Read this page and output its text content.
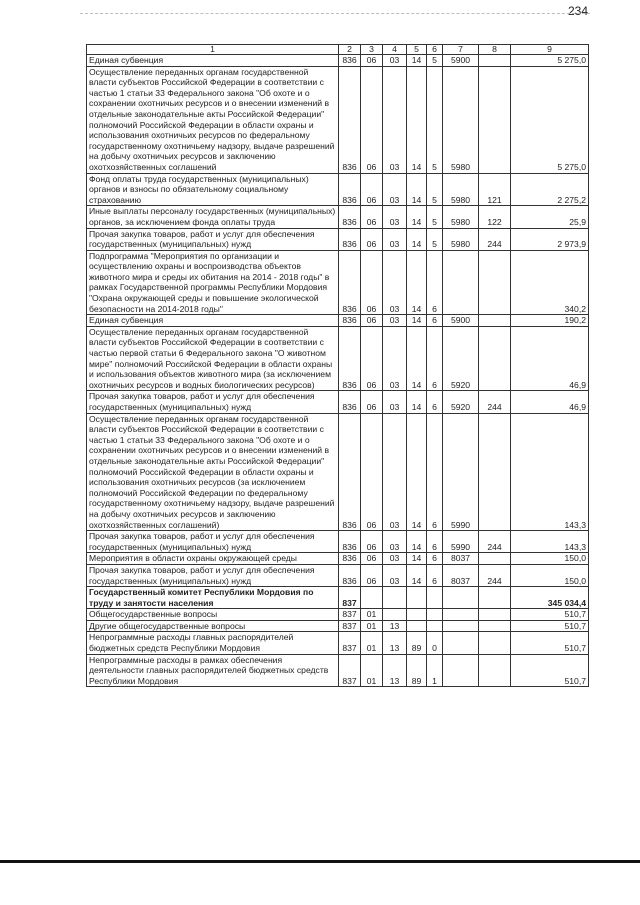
234
1	2	3	4	5	6	7	8	9
Единая субвенция	836	06	03	14	5	5900		5 275,0
Осуществление переданных органам государственной власти субъектов Российской Федерации в соответствии с частью 1 статьи 33 Федерального закона "Об охоте и о сохранении охотничьих ресурсов и о внесении изменений в отдельные законодательные акты Российской Федерации" полномочий Российской Федерации в области охраны и использования охотничьих ресурсов по федеральному государственному охотничьему надзору, выдаче разрешений на добычу охотничьих ресурсов и заключению охотхозяйственных соглашений	836	06	03	14	5	5980		5 275,0
Фонд оплаты труда государственных (муниципальных) органов и взносы по обязательному социальному страхованию	836	06	03	14	5	5980	121	2 275,2
Иные выплаты персоналу государственных (муниципальных) органов, за исключением фонда оплаты труда	836	06	03	14	5	5980	122	25,9
Прочая закупка товаров, работ и услуг для обеспечения государственных (муниципальных) нужд	836	06	03	14	5	5980	244	2 973,9
Подпрограмма "Мероприятия по организации и осуществлению охраны и воспроизводства объектов животного мира и среды их обитания на 2014 - 2018 годы" в рамках Государственной программы Республики Мордовия "Охрана окружающей среды и повышение экологической безопасности на 2014-2018 годы"	836	06	03	14	6			340,2
Единая субвенция	836	06	03	14	6	5900		190,2
Осуществление переданных органам государственной власти субъектов Российской Федерации в соответствии с частью первой статьи 6 Федерального закона "О животном мире" полномочий Российской Федерации в области охраны и использования объектов животного мира (за исключением охотничьих ресурсов и водных биологических ресурсов)	836	06	03	14	6	5920		46,9
Прочая закупка товаров, работ и услуг для обеспечения государственных (муниципальных) нужд	836	06	03	14	6	5920	244	46,9
Осуществление переданных органам государственной власти субъектов Российской Федерации в соответствии с частью 1 статьи 33 Федерального закона "Об охоте и о сохранении охотничьих ресурсов и о внесении изменений в отдельные законодательные акты Российской Федерации" полномочий Российской Федерации в области охраны и использования охотничьих ресурсов (за исключением полномочий Российской Федерации по федеральному государственному охотничьему надзору, выдаче разрешений на добычу охотничьих ресурсов и заключению охотхозяйственных соглашений)	836	06	03	14	6	5990		143,3
Прочая закупка товаров, работ и услуг для обеспечения государственных (муниципальных) нужд	836	06	03	14	6	5990	244	143,3
Мероприятия в области охраны окружающей среды	836	06	03	14	6	8037		150,0
Прочая закупка товаров, работ и услуг для обеспечения государственных (муниципальных) нужд	836	06	03	14	6	8037	244	150,0
Государственный комитет Республики Мордовия по труду и занятости населения	837							345 034,4
Общегосударственные вопросы	837	01						510,7
Другие общегосударственные вопросы	837	01	13					510,7
Непрограммные расходы главных распорядителей бюджетных средств Республики Мордовия	837	01	13	89	0			510,7
Непрограммные расходы в рамках обеспечения деятельности главных распорядителей бюджетных средств Республики Мордовия	837	01	13	89	1			510,7
